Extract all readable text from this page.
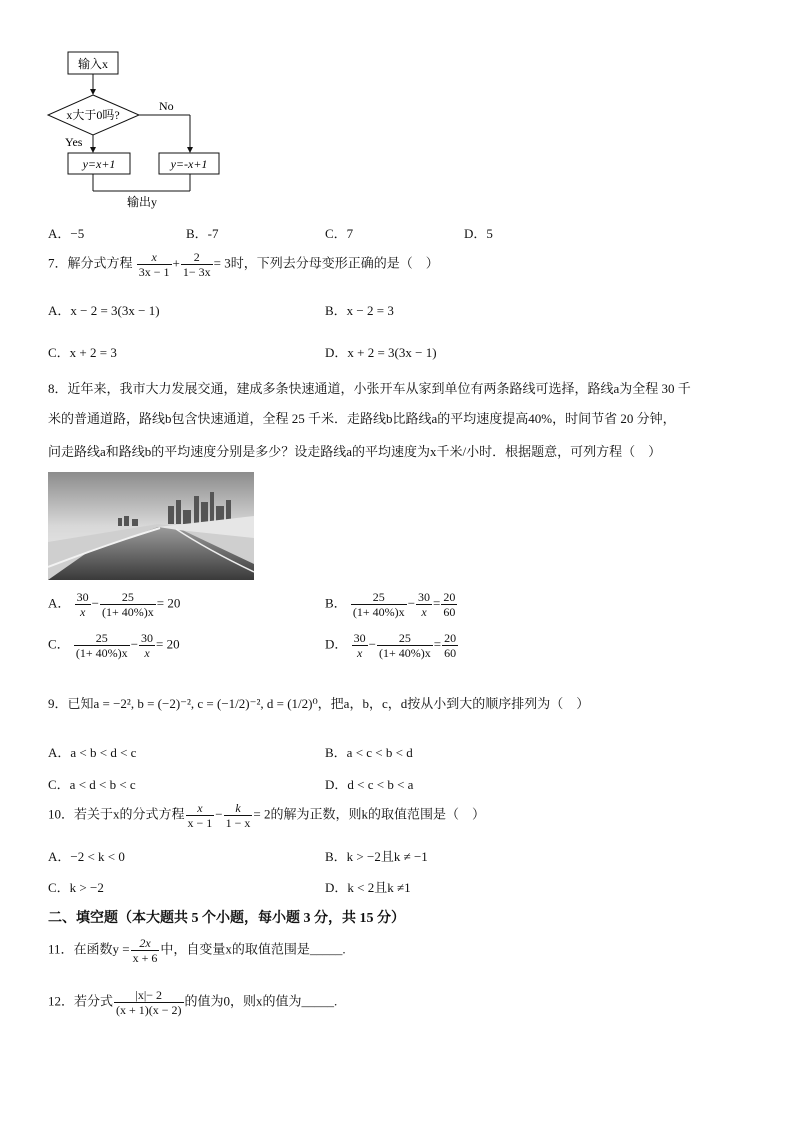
输入x
x大于0吗?
Yes
No
y=x+1	y=-x+1
输出y
A．−5	B．-7	C．7	D．5
7．解分式方程 $\frac{x}{3x - 1} + \frac{2}{1- 3x} = 3$时，下列去分母变形正确的是（　）
A．x − 2 = 3(3x − 1)	B．x − 2 = 3
C．x + 2 = 3	D．x + 2 = 3(3x − 1)
8．近年来，我市大力发展交通，建成多条快速通道，小张开车从家到单位有两条路线可选择，路线a为全程 30 千
米的普通道路，路线b包含快速通道，全程 25 千米．走路线b比路线a的平均速度提高40%，时间节省 20 分钟，
问走路线a和路线b的平均速度分别是多少？设走路线a的平均速度为x千米/小时．根据题意，可列方程（　）
A． $\frac{30}{x} - \frac{25}{(1+ 40\%)x} = 20$	B． $\frac{25}{(1+ 40\%)x} - \frac{30}{x} = \frac{20}{60}$
C． $\frac{25}{(1+ 40\%)x} - \frac{30}{x} = 20$	D． $\frac{30}{x} - \frac{25}{(1+ 40\%)x} = \frac{20}{60}$
9．已知a = −2², b = (−2)⁻², c = (−1/2)⁻², d = (1/2)⁰，把a，b，c，d按从小到大的顺序排列为（　）
A．a < b < d < c	B．a < c < b < d
C．a < d < b < c	D．d < c < b < a
10．若关于x的分式方程 $\frac{x}{x - 1} - \frac{k}{1 - x} = 2$的解为正数，则k的取值范围是（　）
A．−2 < k < 0	B．k > −2且k ≠ −1
C．k > −2	D．k < 2且k ≠1
二、填空题（本大题共 5 个小题，每小题 3 分，共 15 分）
11．在函数$y = \frac{2x}{x + 6}$ 中，自变量x的取值范围是_____.
12．若分式 $\frac{|x|- 2}{(x + 1)(x - 2)}$ 的值为0，则x的值为_____.
